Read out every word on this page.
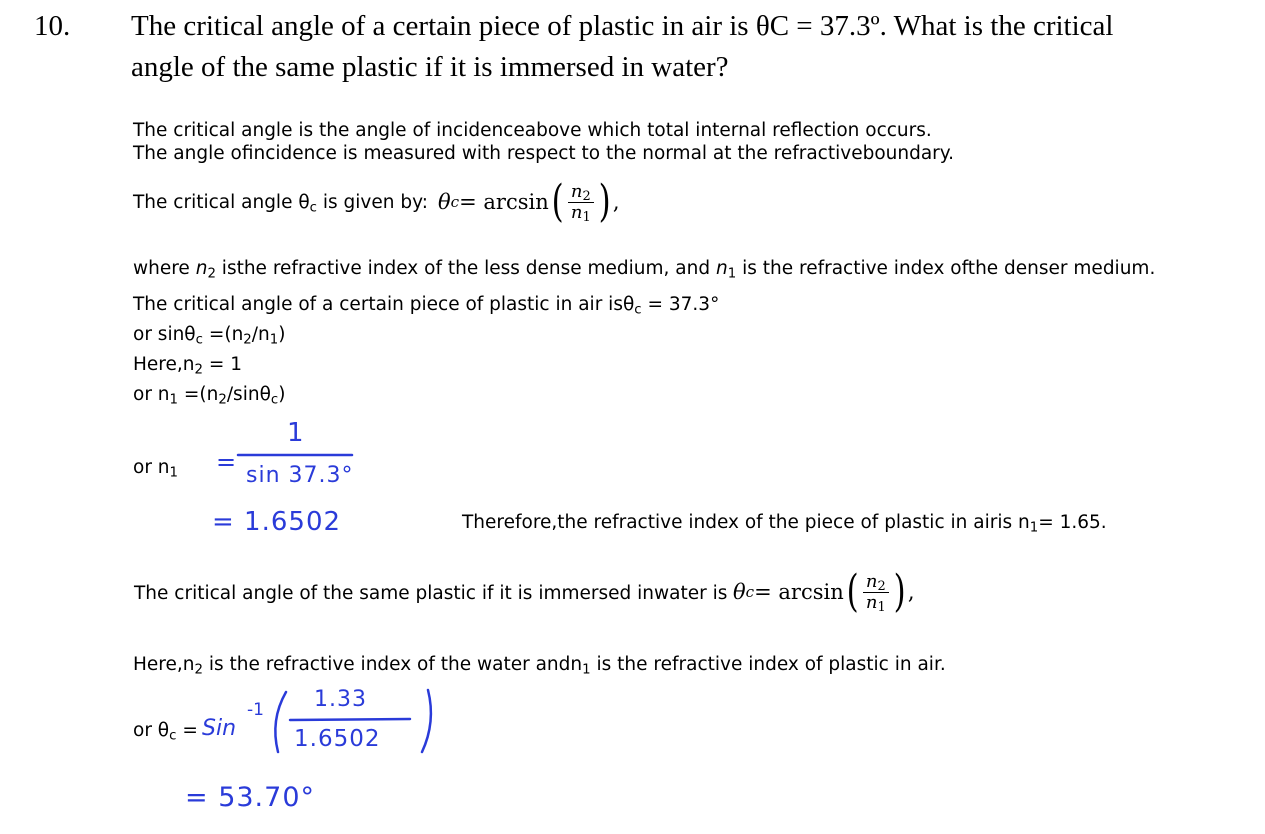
10. The critical angle of a certain piece of plastic in air is θC = 37.3º. What is the critical
angle of the same plastic if it is immersed in water?
The critical angle is the angle of incidenceabove which total internal reflection occurs.
The angle ofincidence is measured with respect to the normal at the refractiveboundary.
The critical angle $\theta_c$ is given by: θ c = arcsin ( $\frac{n_2}{n_1}$ ) ,
where $n_2$ isthe refractive index of the less dense medium, and $n_1$ is the refractive index ofthe denser medium.
The critical angle of a certain piece of plastic in air isθ$_c$ = 37.3°
or $\sin\theta_c =(n_2/n_1)$
$Here,n_2 = 1$
or $n_1 =(n_2/\sin\theta_c)$
or $n_1$ =
1
sin 37.3°
= 1.6502	Therefore,the refractive index of the piece of plastic in airis $n_1= 1.65$.
The critical angle of the same plastic if it is immersed inwater is θ c = arcsin ( $\frac{n_2}{n_1}$ ) ,
$Here,n_2$ is the refractive index of the water andn$_1$ is the refractive index of plastic in air.
or $\theta_c$ = Sin
-1 1.33
1.6502
= 53.70°
